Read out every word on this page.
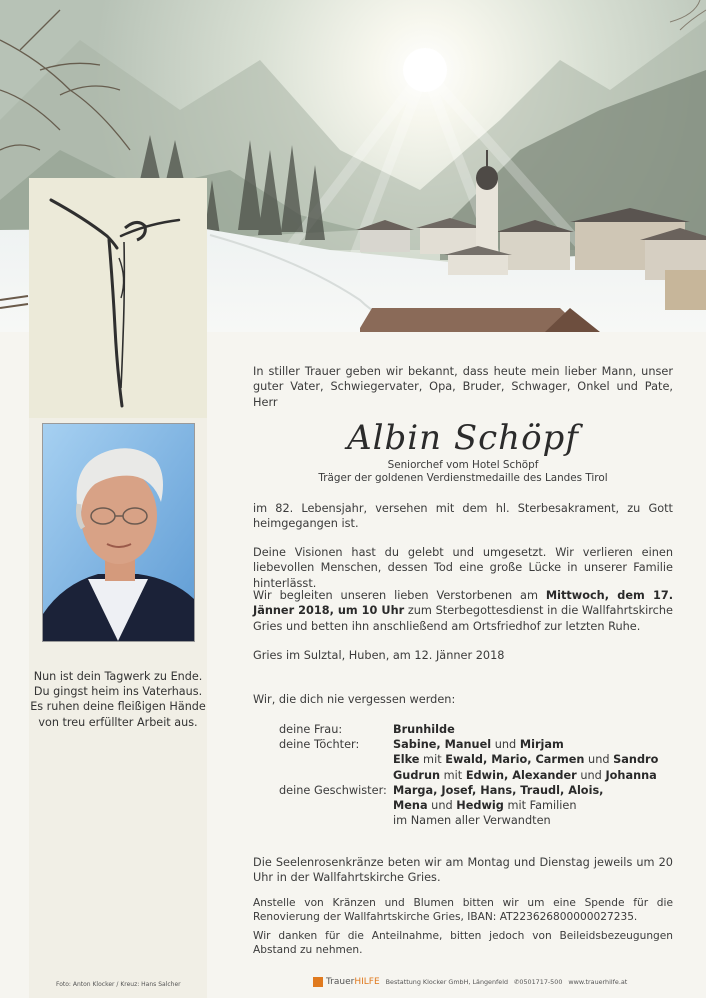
Nun ist dein Tagwerk zu Ende.
Du gingst heim ins Vaterhaus.
Es ruhen deine fleißigen Hände
von treu erfüllter Arbeit aus.
Foto: Anton Klocker / Kreuz: Hans Salcher
In stiller Trauer geben wir bekannt, dass heute mein lieber Mann, unser guter Vater, Schwiegervater, Opa, Bruder, Schwager, Onkel und Pate, Herr
Albin Schöpf
Seniorchef vom Hotel Schöpf
Träger der goldenen Verdienstmedaille des Landes Tirol
im 82. Lebensjahr, versehen mit dem hl. Sterbesakrament, zu Gott heimgegangen ist.
Deine Visionen hast du gelebt und umgesetzt. Wir verlieren einen liebevollen Menschen, dessen Tod eine große Lücke in unserer Familie hinterlässt.
Wir begleiten unseren lieben Verstorbenen am Mittwoch, dem 17. Jänner 2018, um 10 Uhr zum Sterbegottesdienst in die Wallfahrtskirche Gries und betten ihn anschließend am Ortsfriedhof zur letzten Ruhe.
Gries im Sulztal, Huben, am 12. Jänner 2018
Wir, die dich nie vergessen werden:
deine Frau:	Brunhilde
deine Töchter:	Sabine, Manuel und Mirjam
Elke mit Ewald, Mario, Carmen und Sandro
Gudrun mit Edwin, Alexander und Johanna
deine Geschwister: Marga, Josef, Hans, Traudl, Alois,
Mena und Hedwig mit Familien
im Namen aller Verwandten
Die Seelenrosenkränze beten wir am Montag und Dienstag jeweils um 20 Uhr in der Wallfahrtskirche Gries.
Anstelle von Kränzen und Blumen bitten wir um eine Spende für die Renovierung der Wallfahrtskirche Gries, IBAN: AT223626800000027235.
Wir danken für die Anteilnahme, bitten jedoch von Beileidsbezeugungen Abstand zu nehmen.
Trauer HILFE Bestattung Klocker GmbH, Längenfeld ✆0501717-500 www.trauerhilfe.at
